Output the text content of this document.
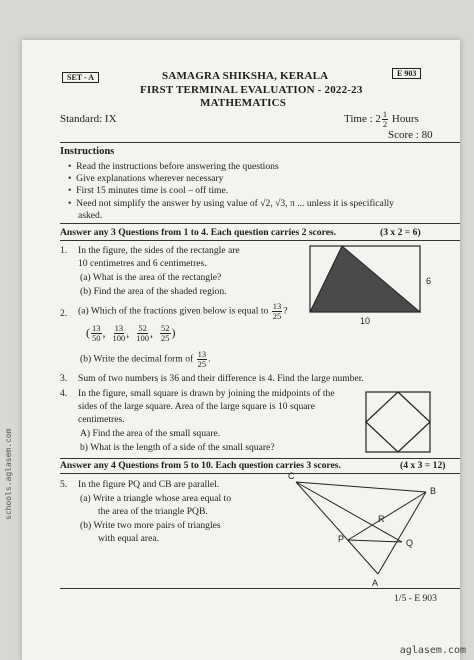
SET - A	E 903
SAMAGRA SHIKSHA, KERALA
FIRST TERMINAL EVALUATION - 2022-23
MATHEMATICS
Standard: IX	Time : $2 \frac{1}{2}$ Hours
Score : 80
Instructions
•  Read the instructions before answering the questions
•  Give explanations wherever necessary
•  First 15 minutes time is cool – off time.
•  Need not simplify the answer by using value of √2, √3, π ... unless it is specifically
asked.
Answer any 3 Questions from 1 to 4. Each question carries 2 scores.	(3 x 2 = 6)
1. In the figure, the sides of the rectangle are
10 centimetres and 6 centimetres.
(a) What is the area of the rectangle?
(b) Find the area of the shaded region.
10
6
2. (a) Which of the fractions given below is equal to $\frac{13}{25}$ ?
( $\frac{13}{50}$ , $\frac{13}{100}$ , $\frac{52}{100}$ , $\frac{52}{25}$ )
(b) Write the decimal form of $\frac{13}{25}$ .
3. Sum of two numbers is 36 and their difference is 4. Find the large number.
4. In the figure, small square is drawn by joining the midpoints of the
sides of the large square. Area of the large square is 10 square
centimetres.
A) Find the area of the small square.
b) What is the length of a side of the small square?
Answer any 4 Questions from 5 to 10. Each question carries 3 scores.	(4 x 3 = 12)
5. In the figure PQ and CB are parallel.
(a) Write a triangle whose area equal to
the area of the triangle PQB.
(b) Write two more pairs of triangles
with equal area.
C
B
R
P	Q
A
1/5 - E 903
schools.aglasem.com
aglasem.com
